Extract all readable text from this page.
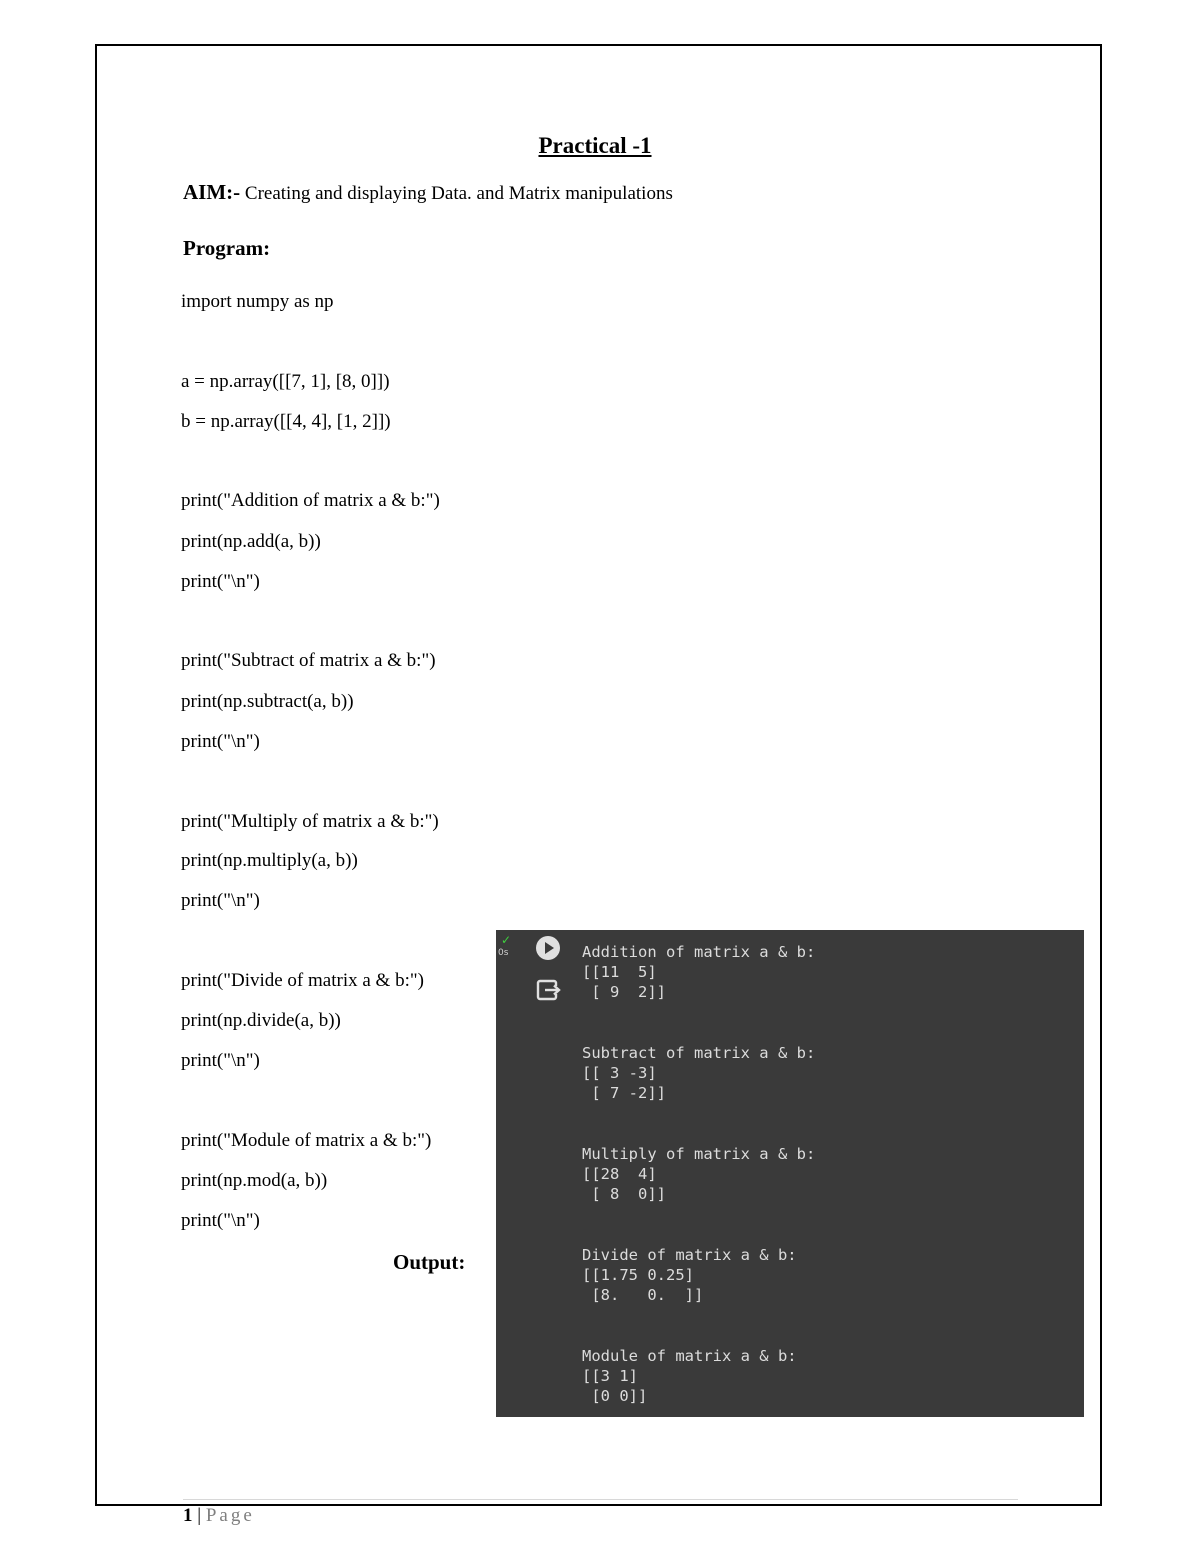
Practical -1
AIM:- Creating and displaying Data. and Matrix manipulations
Program:
import numpy as np
a = np.array([[7, 1], [8, 0]])
b = np.array([[4, 4], [1, 2]])
print("Addition of matrix a & b:")
print(np.add(a, b))
print("\n")
print("Subtract of matrix a & b:")
print(np.subtract(a, b))
print("\n")
print("Multiply of matrix a & b:")
print(np.multiply(a, b))
print("\n")
print("Divide of matrix a & b:")
print(np.divide(a, b))
print("\n")
print("Module of matrix a & b:")
print(np.mod(a, b))
print("\n")
Output:
✓
0s	Addition of matrix a & b:
[[11  5]
[ 9  2]]

Subtract of matrix a & b:
[[ 3 -3]
[ 7 -2]]

Multiply of matrix a & b:
[[28  4]
[ 8  0]]

Divide of matrix a & b:
[[1.75 0.25]
[8.   0.  ]]

Module of matrix a & b:
[[3 1]
[0 0]]
1 | Page
